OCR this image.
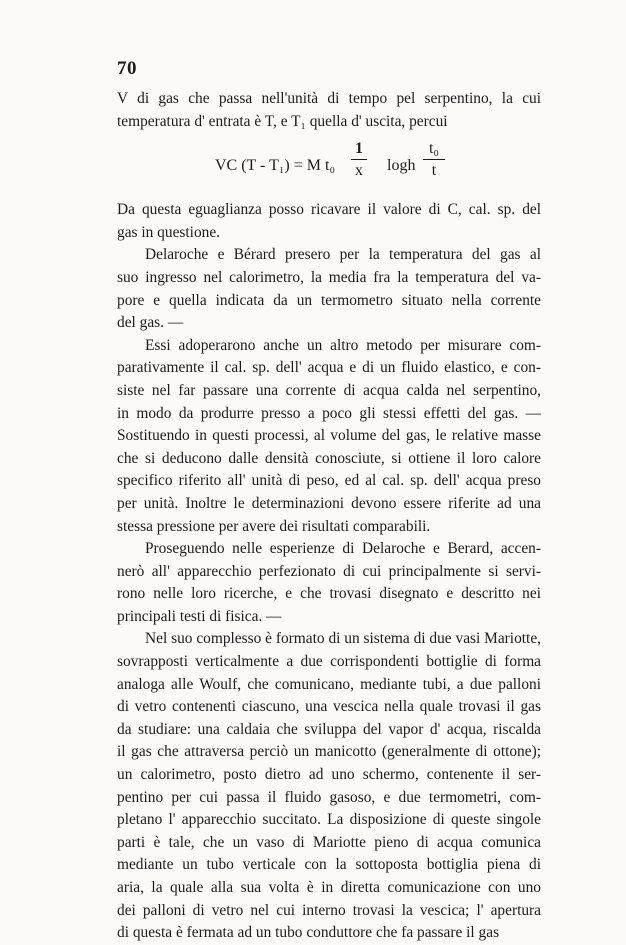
70
V di gas che passa nell'unità di tempo pel serpentino, la cui
temperatura d' entrata è T, e T₁ quella d' uscita, percui
VC (T - T₁) = M $t_0 \frac{1}{x}$ logh $\frac{\text{t₀}}{t}$
Da questa eguaglianza posso ricavare il valore di C, cal. sp. del
gas in questione.
Delaroche e Bérard presero per la temperatura del gas al
suo ingresso nel calorimetro, la media fra la temperatura del va-
pore e quella indicata da un termometro situato nella corrente
del gas. —
Essi adoperarono anche un altro metodo per misurare com-
parativamente il cal. sp. dell' acqua e di un fluido elastico, e con-
siste nel far passare una corrente di acqua calda nel serpentino,
in modo da produrre presso a poco gli stessi effetti del gas. —
Sostituendo in questi processi, al volume del gas, le relative masse
che si deducono dalle densità conosciute, si ottiene il loro calore
specifico riferito all' unità di peso, ed al cal. sp. dell' acqua preso
per unità. Inoltre le determinazioni devono essere riferite ad una
stessa pressione per avere dei risultati comparabili.
Proseguendo nelle esperienze di Delaroche e Berard, accen-
nerò all' apparecchio perfezionato di cui principalmente si servi-
rono nelle loro ricerche, e che trovasi disegnato e descritto nei
principali testi di fisica. —
Nel suo complesso è formato di un sistema di due vasi Mariotte,
sovrapposti verticalmente a due corrispondenti bottiglie di forma
analoga alle Woulf, che comunicano, mediante tubi, a due palloni
di vetro contenenti ciascuno, una vescica nella quale trovasi il gas
da studiare: una caldaia che sviluppa del vapor d' acqua, riscalda
il gas che attraversa perciò un manicotto (generalmente di ottone);
un calorimetro, posto dietro ad uno schermo, contenente il ser-
pentino per cui passa il fluido gasoso, e due termometri, com-
pletano l' apparecchio succitato. La disposizione di queste singole
parti è tale, che un vaso di Mariotte pieno di acqua comunica
mediante un tubo verticale con la sottoposta bottiglia piena di
aria, la quale alla sua volta è in diretta comunicazione con uno
dei palloni di vetro nel cui interno trovasi la vescica; l' apertura
di questa è fermata ad un tubo conduttore che fa passare il gas
